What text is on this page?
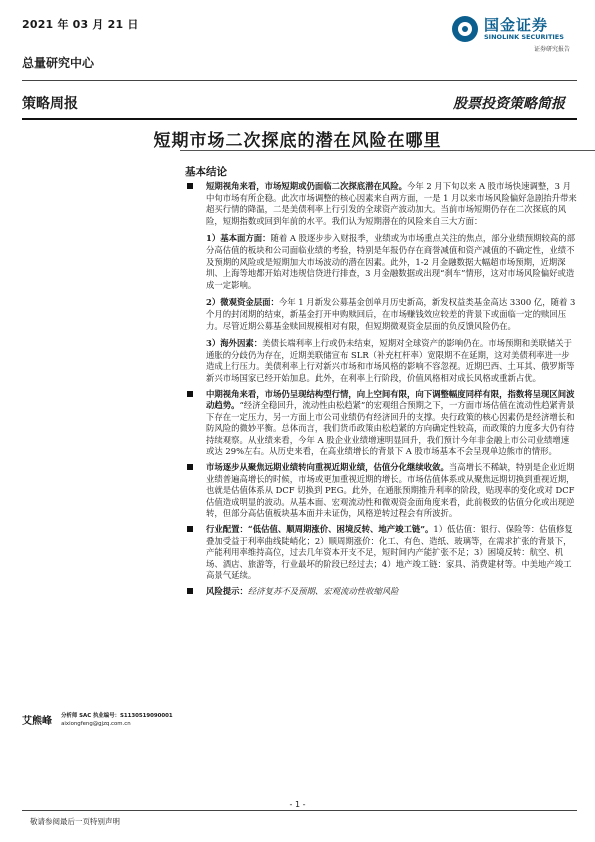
2021 年 03 月 21 日
总量研究中心
国金证券
SINOLINK SECURITIES
证券研究报告
策略周报	股票投资策略简报
短期市场二次探底的潜在风险在哪里
基本结论
短期视角来看，市场短期或仍面临二次探底潜在风险。今年 2 月下旬以来 A 股市场快速调整，3 月中旬市场有所企稳。此次市场调整的核心因素来自两方面，一是 1 月以来市场风险偏好急剧抬升带来超买行情的降温，二是美债利率上行引发的全球资产波动加大。当前市场短期仍存在二次探底的风险，短期指数或回到年前的水平。我们认为短期潜在的风险来自三大方面：
1）基本面方面：随着 A 股逐步步入财报季，业绩或为市场重点关注的焦点，部分业绩预期较高的部分高估值的板块和公司面临业绩的考验，特别是年报仍存在商誉减值和资产减值的不确定性，业绩不及预期的风险或是短期加大市场波动的潜在因素。此外，1-2 月金融数据大幅超市场预期，近期深圳、上海等地都开始对违规信贷进行排查，3 月金融数据或出现“刹车”情形，这对市场风险偏好或造成一定影响。
2）微观资金层面：今年 1 月新发公募基金创单月历史新高，新发权益类基金高达 3300 亿，随着 3 个月的封闭期的结束，新基金打开申购赎回后，在市场赚钱效应较差的背景下或面临一定的赎回压力。尽管近期公募基金赎回规模相对有限，但短期微观资金层面的负反馈风险仍在。
3）海外因素：美债长端利率上行或仍未结束，短期对全球资产的影响仍在。市场预期和美联储关于通胀的分歧仍为存在，近期美联储宣布 SLR（补充杠杆率）宽限期不在延期，这对美债利率进一步造成上行压力。美债利率上行对新兴市场和市场风格的影响不容忽视。近期巴西、土耳其、俄罗斯等新兴市场国家已经开始加息。此外，在利率上行阶段，价值风格相对成长风格或重新占优。
中期视角来看，市场仍呈现结构型行情，向上空间有限，向下调整幅度同样有限，指数将呈现区间波动趋势。“经济全稳回升，流动性由松趋紧”的宏观组合预期之下，一方面市场估值在流动性趋紧背景下存在一定压力，另一方面上市公司业绩仍有经济回升的支撑。央行政策的核心因素仍是经济增长和防风险的微妙平衡。总体而言，我们货币政策由松趋紧的方向确定性较高，而政策的力度多大仍有待持续观察。从业绩来看，今年 A 股企业业绩增速明显回升，我们预计今年非金融上市公司业绩增速或达 29%左右。从历史来看，在高业绩增长的背景下 A 股市场基本不会呈现单边熊市的情形。
市场逐步从聚焦远期业绩转向重视近期业绩，估值分化继续收敛。当高增长不稀缺，特别是企业近期业绩普遍高增长的时候，市场或更加重视近期的增长。市场估值体系或从聚焦远期切换到重视近期，也就是估值体系从 DCF 切换到 PEG。此外，在通胀预期推升利率的阶段，贴现率的变化或对 DCF 估值造成明显的波动。从基本面、宏观流动性和微观资金面角度来看，此前极致的估值分化或出现逆转，但部分高估值板块基本面并未证伪，风格逆转过程会有所波折。
行业配置：“低估值、顺周期涨价、困境反转、地产竣工链”。1）低估值：银行、保险等：估值修复叠加受益于利率曲线陡峭化；2）顺周期涨价：化工、有色、造纸、玻璃等，在需求扩张的背景下，产能利用率维持高位，过去几年资本开支不足，短时间内产能扩张不足；3）困境反转：航空、机场、酒店、旅游等，行业最坏的阶段已经过去；4）地产竣工链：家具、消费建材等。中美地产竣工高景气延续。
风险提示：经济复苏不及预期、宏观流动性收缩风险
艾熊峰 分析师 SAC 执业编号：S1130519090001
aixiongfeng@gjzq.com.cn
- 1 -
敬请参阅最后一页特别声明
